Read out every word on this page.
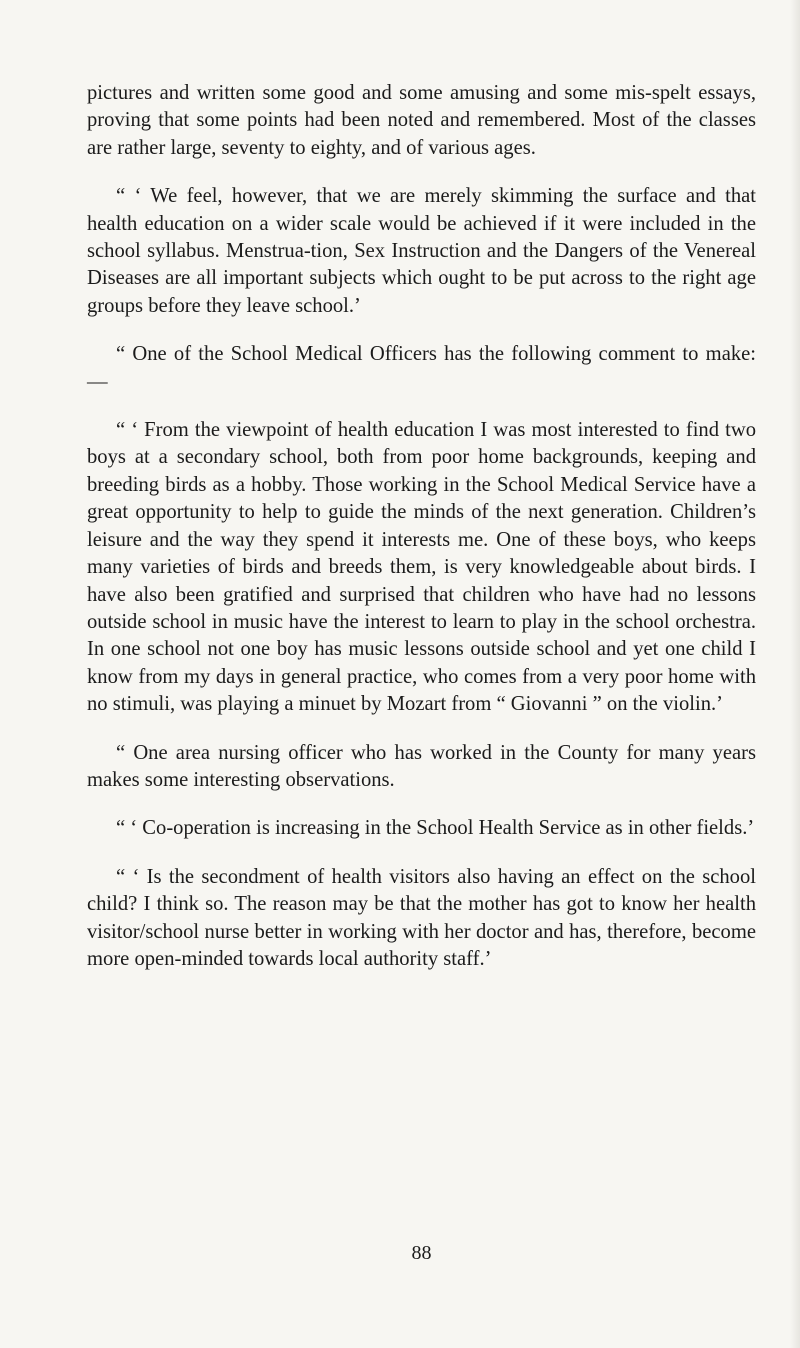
pictures and written some good and some amusing and some mis-spelt essays, proving that some points had been noted and remembered. Most of the classes are rather large, seventy to eighty, and of various ages.

“ ‘ We feel, however, that we are merely skimming the surface and that health education on a wider scale would be achieved if it were included in the school syllabus. Menstrua-tion, Sex Instruction and the Dangers of the Venereal Diseases are all important subjects which ought to be put across to the right age groups before they leave school.’

“ One of the School Medical Officers has the following comment to make: —

“ ‘ From the viewpoint of health education I was most interested to find two boys at a secondary school, both from poor home backgrounds, keeping and breeding birds as a hobby. Those working in the School Medical Service have a great opportunity to help to guide the minds of the next generation. Children’s leisure and the way they spend it interests me. One of these boys, who keeps many varieties of birds and breeds them, is very knowledgeable about birds. I have also been gratified and surprised that children who have had no lessons outside school in music have the interest to learn to play in the school orchestra. In one school not one boy has music lessons outside school and yet one child I know from my days in general practice, who comes from a very poor home with no stimuli, was playing a minuet by Mozart from “ Giovanni ” on the violin.’

“ One area nursing officer who has worked in the County for many years makes some interesting observations.

“ ‘ Co-operation is increasing in the School Health Service as in other fields.’

“ ‘ Is the secondment of health visitors also having an effect on the school child? I think so. The reason may be that the mother has got to know her health visitor/school nurse better in working with her doctor and has, therefore, become more open-minded towards local authority staff.’

88
